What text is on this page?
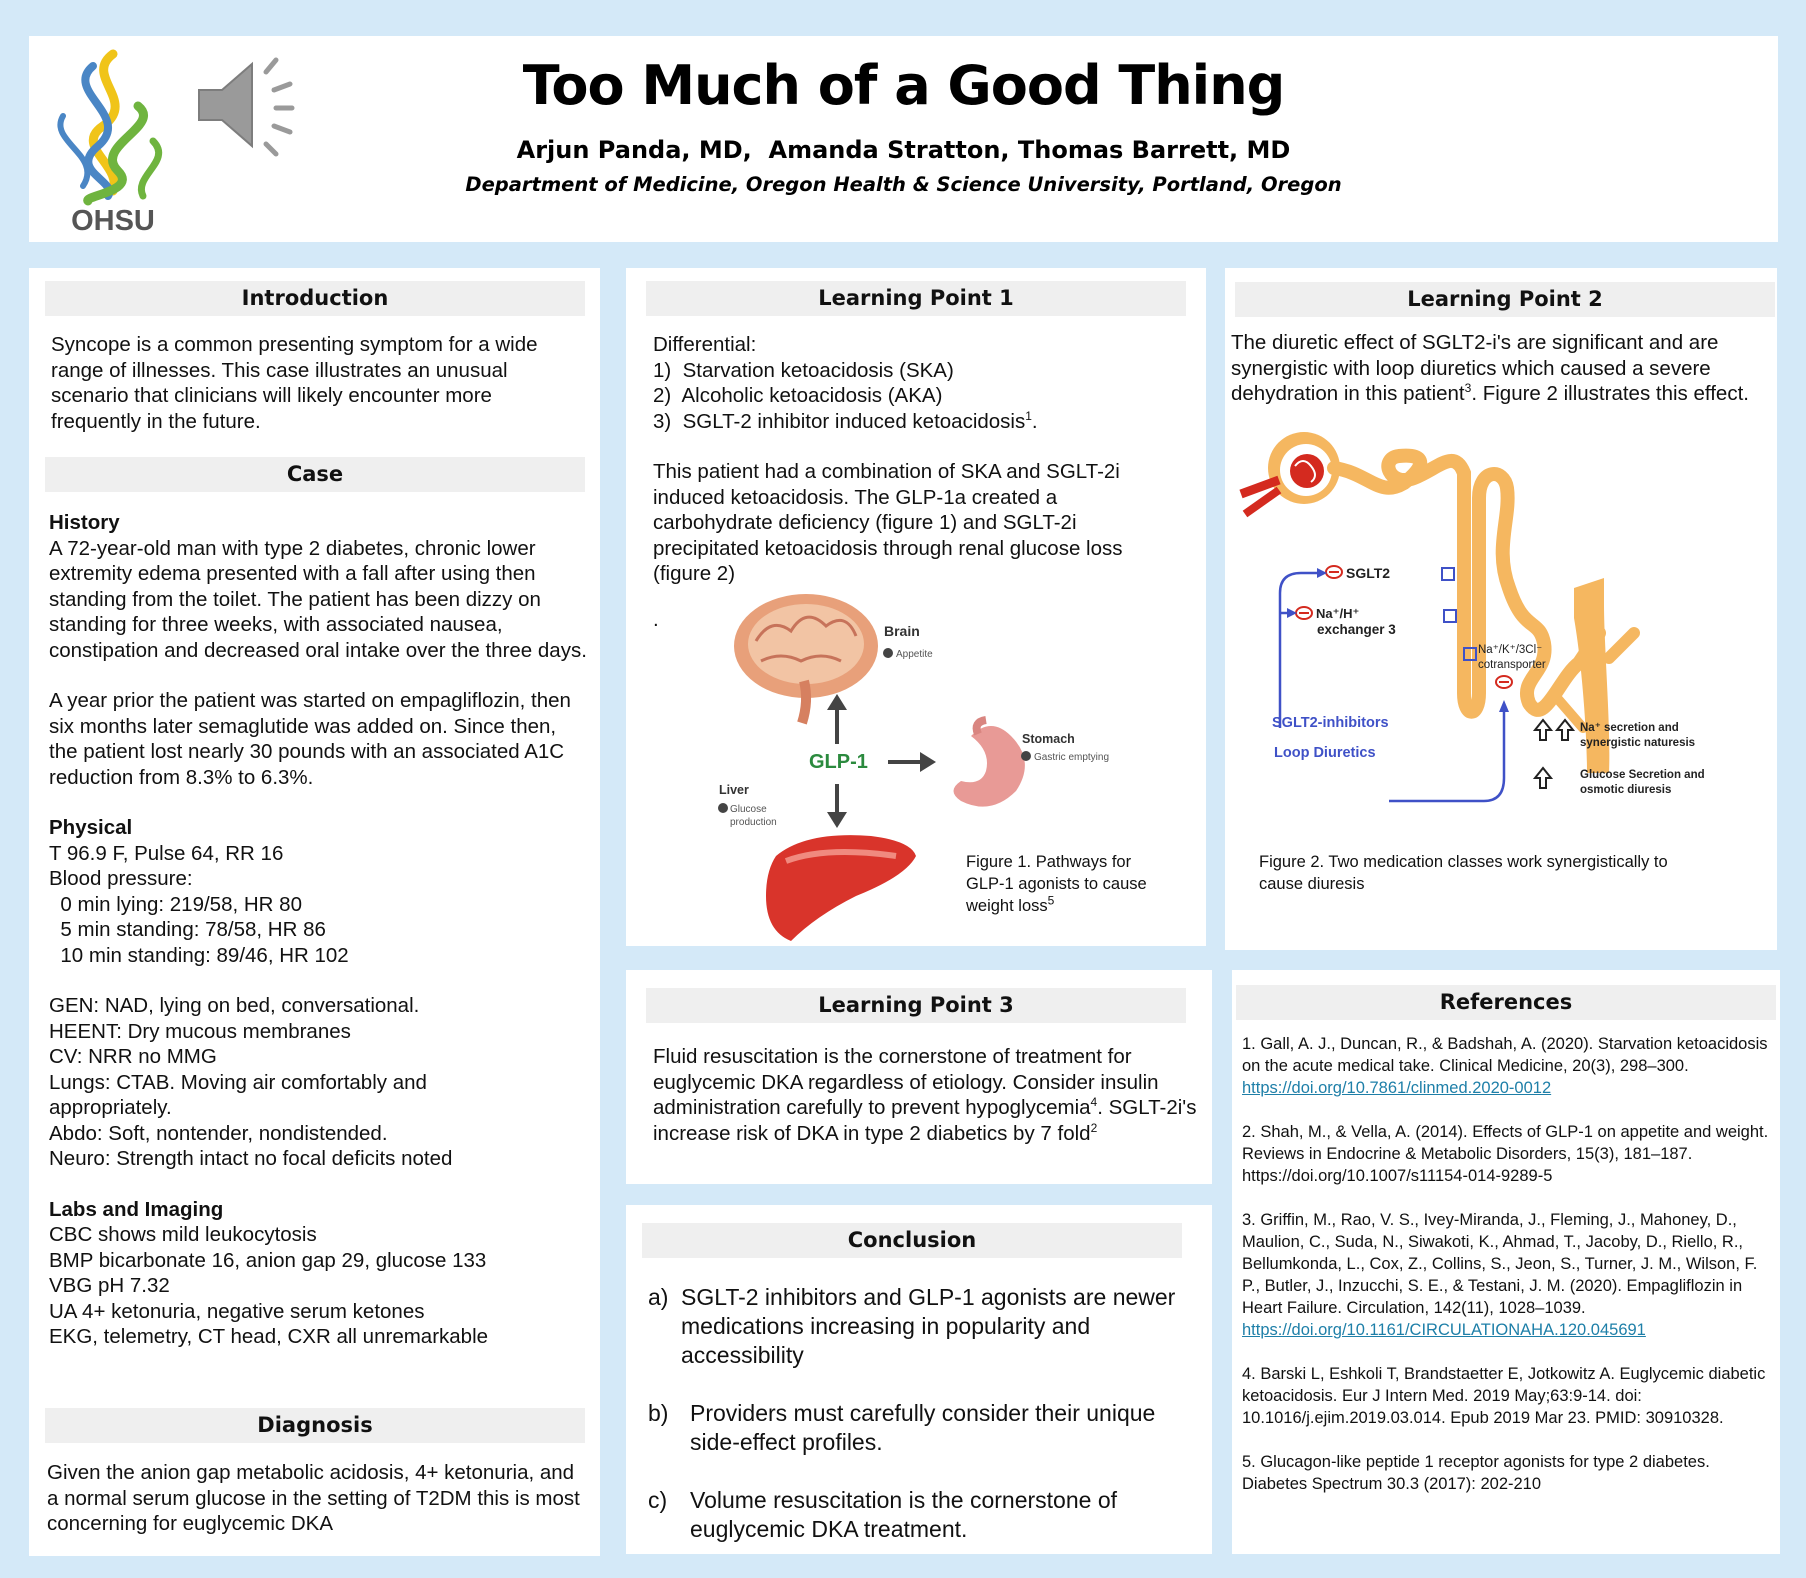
OHSU
Too Much of a Good Thing
Arjun Panda, MD,  Amanda Stratton, Thomas Barrett, MD
Department of Medicine, Oregon Health & Science University, Portland, Oregon
Introduction
Syncope is a common presenting symptom for a wide range of illnesses. This case illustrates an unusual scenario that clinicians will likely encounter more frequently in the future.
Case
History
A 72-year-old man with type 2 diabetes, chronic lower extremity edema presented with a fall after using then standing from the toilet. The patient has been dizzy on standing for three weeks, with associated nausea, constipation and decreased oral intake over the three days.
A year prior the patient was started on empagliflozin, then six months later semaglutide was added on. Since then, the patient lost nearly 30 pounds with an associated A1C reduction from 8.3% to 6.3%.
Physical
T 96.9 F, Pulse 64, RR 16
Blood pressure:
0 min lying: 219/58, HR 80
5 min standing: 78/58, HR 86
10 min standing: 89/46, HR 102
GEN: NAD, lying on bed, conversational.
HEENT: Dry mucous membranes
CV: NRR no MMG
Lungs: CTAB. Moving air comfortably and appropriately.
Abdo: Soft, nontender, nondistended.
Neuro: Strength intact no focal deficits noted
Labs and Imaging
CBC shows mild leukocytosis
BMP bicarbonate 16, anion gap 29, glucose 133
VBG pH 7.32
UA 4+ ketonuria, negative serum ketones
EKG, telemetry, CT head, CXR all unremarkable
Diagnosis
Given the anion gap metabolic acidosis, 4+ ketonuria, and a normal serum glucose in the setting of T2DM this is most concerning for euglycemic DKA
Learning Point 1
Differential:
1)  Starvation ketoacidosis (SKA)
2)  Alcoholic ketoacidosis (AKA)
3)  SGLT-2 inhibitor induced ketoacidosis$^1$.
This patient had a combination of SKA and SGLT-2i induced ketoacidosis. The GLP-1a created a carbohydrate deficiency (figure 1) and SGLT-2i precipitated ketoacidosis through renal glucose loss (figure 2)
.
Brain
Appetite
GLP-1
Stomach
Gastric emptying
Liver
Glucose
production
Figure 1. Pathways for GLP-1 agonists to cause weight loss$^5$
Learning Point 2
The diuretic effect of SGLT2-i's are significant and are synergistic with loop diuretics which caused a severe dehydration in this patient$^3$. Figure 2 illustrates this effect.
SGLT2
Na⁺/H⁺
exchanger 3
Na⁺/K⁺/3Cl⁻
cotransporter
SGLT2-inhibitors
Loop Diuretics
Na⁺ secretion and
synergistic naturesis
Glucose Secretion and
osmotic diuresis
Figure 2. Two medication classes work synergistically to cause diuresis
Learning Point 3
Fluid resuscitation is the cornerstone of treatment for euglycemic DKA regardless of etiology. Consider insulin administration carefully to prevent hypoglycemia$^4$. SGLT-2i's increase risk of DKA in type 2 diabetics by 7 fold$^2$
Conclusion
a) SGLT-2 inhibitors and GLP-1 agonists are newer medications increasing in popularity and accessibility
b) Providers must carefully consider their unique side-effect profiles.
c) Volume resuscitation is the cornerstone of euglycemic DKA treatment.
References
1. Gall, A. J., Duncan, R., & Badshah, A. (2020). Starvation ketoacidosis on the acute medical take. Clinical Medicine, 20(3), 298–300. https://doi.org/10.7861/clinmed.2020-0012
2. Shah, M., & Vella, A. (2014). Effects of GLP-1 on appetite and weight. Reviews in Endocrine & Metabolic Disorders, 15(3), 181–187. https://doi.org/10.1007/s11154-014-9289-5
3. Griffin, M., Rao, V. S., Ivey-Miranda, J., Fleming, J., Mahoney, D., Maulion, C., Suda, N., Siwakoti, K., Ahmad, T., Jacoby, D., Riello, R., Bellumkonda, L., Cox, Z., Collins, S., Jeon, S., Turner, J. M., Wilson, F. P., Butler, J., Inzucchi, S. E., & Testani, J. M. (2020). Empagliflozin in Heart Failure. Circulation, 142(11), 1028–1039.
https://doi.org/10.1161/CIRCULATIONAHA.120.045691
4. Barski L, Eshkoli T, Brandstaetter E, Jotkowitz A. Euglycemic diabetic ketoacidosis. Eur J Intern Med. 2019 May;63:9-14. doi: 10.1016/j.ejim.2019.03.014. Epub 2019 Mar 23. PMID: 30910328.
5. Glucagon-like peptide 1 receptor agonists for type 2 diabetes. Diabetes Spectrum 30.3 (2017): 202-210
